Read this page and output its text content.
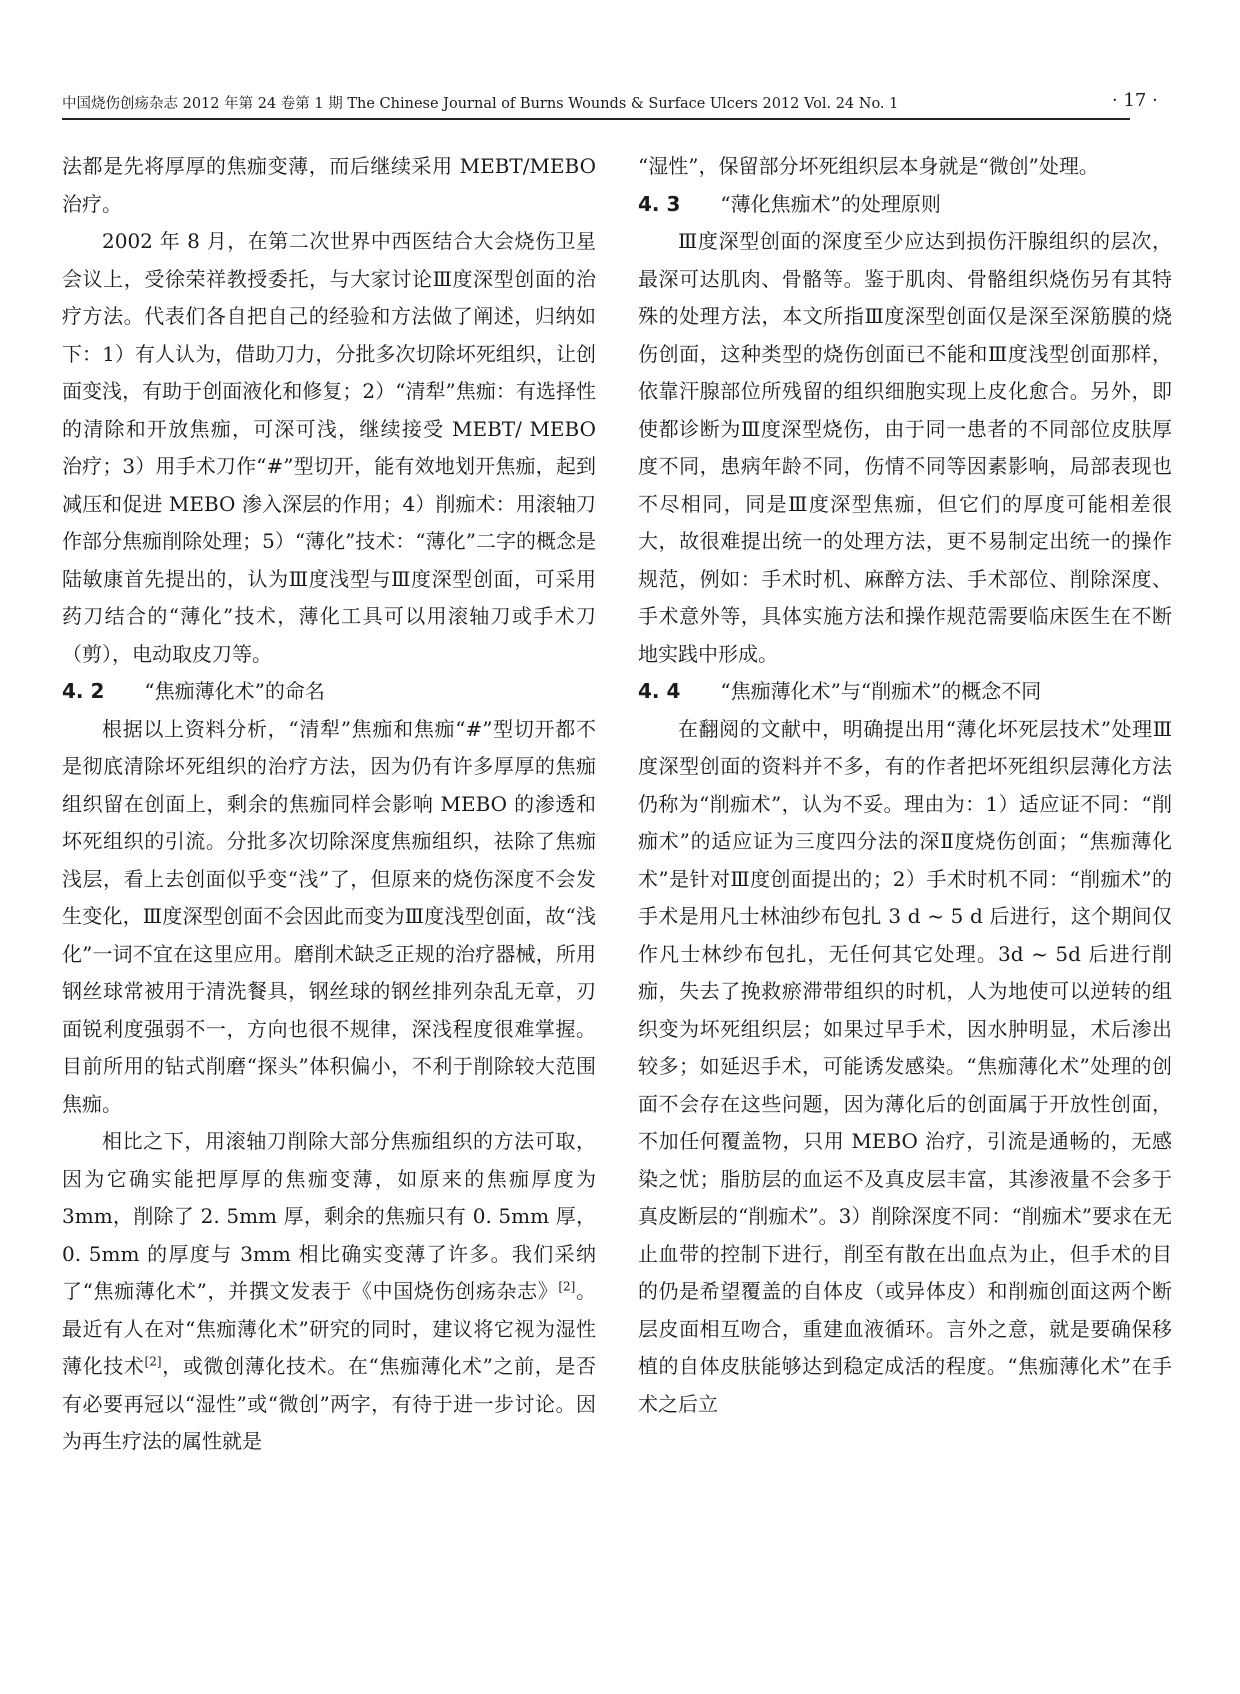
中国烧伤创疡杂志 2012 年第 24 卷第 1 期 The Chinese Journal of Burns Wounds & Surface Ulcers 2012 Vol. 24 No. 1	· 17 ·

法都是先将厚厚的焦痂变薄，而后继续采用 MEBT/MEBO 治疗。

2002 年 8 月，在第二次世界中西医结合大会烧伤卫星会议上，受徐荣祥教授委托，与大家讨论Ⅲ度深型创面的治疗方法。代表们各自把自己的经验和方法做了阐述，归纳如下：1）有人认为，借助刀力，分批多次切除坏死组织，让创面变浅，有助于创面液化和修复；2）“清犁”焦痂：有选择性的清除和开放焦痂，可深可浅，继续接受 MEBT/ MEBO 治疗；3）用手术刀作“#”型切开，能有效地划开焦痂，起到减压和促进 MEBO 渗入深层的作用；4）削痂术：用滚轴刀作部分焦痂削除处理；5）“薄化”技术：“薄化”二字的概念是陆敏康首先提出的，认为Ⅲ度浅型与Ⅲ度深型创面，可采用药刀结合的“薄化”技术，薄化工具可以用滚轴刀或手术刀（剪），电动取皮刀等。

4. 2 “焦痂薄化术”的命名

根据以上资料分析，“清犁”焦痂和焦痂“#”型切开都不是彻底清除坏死组织的治疗方法，因为仍有许多厚厚的焦痂组织留在创面上，剩余的焦痂同样会影响 MEBO 的渗透和坏死组织的引流。分批多次切除深度焦痂组织，祛除了焦痂浅层，看上去创面似乎变“浅”了，但原来的烧伤深度不会发生变化，Ⅲ度深型创面不会因此而变为Ⅲ度浅型创面，故“浅化”一词不宜在这里应用。磨削术缺乏正规的治疗器械，所用钢丝球常被用于清洗餐具，钢丝球的钢丝排列杂乱无章，刃面锐利度强弱不一，方向也很不规律，深浅程度很难掌握。目前所用的钻式削磨“探头”体积偏小，不利于削除较大范围焦痂。

相比之下，用滚轴刀削除大部分焦痂组织的方法可取，因为它确实能把厚厚的焦痂变薄，如原来的焦痂厚度为 3mm，削除了 2. 5mm 厚，剩余的焦痂只有 0. 5mm 厚，0. 5mm 的厚度与 3mm 相比确实变薄了许多。我们采纳了“焦痂薄化术”，并撰文发表于《中国烧伤创疡杂志》[2]。最近有人在对“焦痂薄化术”研究的同时，建议将它视为湿性薄化技术[2]，或微创薄化技术。在“焦痂薄化术”之前，是否有必要再冠以“湿性”或“微创”两字，有待于进一步讨论。因为再生疗法的属性就是

“湿性”，保留部分坏死组织层本身就是“微创”处理。

4. 3 “薄化焦痂术”的处理原则

Ⅲ度深型创面的深度至少应达到损伤汗腺组织的层次，最深可达肌肉、骨骼等。鉴于肌肉、骨骼组织烧伤另有其特殊的处理方法，本文所指Ⅲ度深型创面仅是深至深筋膜的烧伤创面，这种类型的烧伤创面已不能和Ⅲ度浅型创面那样，依靠汗腺部位所残留的组织细胞实现上皮化愈合。另外，即使都诊断为Ⅲ度深型烧伤，由于同一患者的不同部位皮肤厚度不同，患病年龄不同，伤情不同等因素影响，局部表现也不尽相同，同是Ⅲ度深型焦痂，但它们的厚度可能相差很大，故很难提出统一的处理方法，更不易制定出统一的操作规范，例如：手术时机、麻醉方法、手术部位、削除深度、手术意外等，具体实施方法和操作规范需要临床医生在不断地实践中形成。

4. 4 “焦痂薄化术”与“削痂术”的概念不同

在翻阅的文献中，明确提出用“薄化坏死层技术”处理Ⅲ度深型创面的资料并不多，有的作者把坏死组织层薄化方法仍称为“削痂术”，认为不妥。理由为：1）适应证不同：“削痂术”的适应证为三度四分法的深Ⅱ度烧伤创面；“焦痂薄化术”是针对Ⅲ度创面提出的；2）手术时机不同：“削痂术”的手术是用凡士林油纱布包扎 3 d ~ 5 d 后进行，这个期间仅作凡士林纱布包扎，无任何其它处理。3d ~ 5d 后进行削痂，失去了挽救瘀滞带组织的时机，人为地使可以逆转的组织变为坏死组织层；如果过早手术，因水肿明显，术后渗出较多；如延迟手术，可能诱发感染。“焦痂薄化术”处理的创面不会存在这些问题，因为薄化后的创面属于开放性创面，不加任何覆盖物，只用 MEBO 治疗，引流是通畅的，无感染之忧；脂肪层的血运不及真皮层丰富，其渗液量不会多于真皮断层的“削痂术”。3）削除深度不同：“削痂术”要求在无止血带的控制下进行，削至有散在出血点为止，但手术的目的仍是希望覆盖的自体皮（或异体皮）和削痂创面这两个断层皮面相互吻合，重建血液循环。言外之意，就是要确保移植的自体皮肤能够达到稳定成活的程度。“焦痂薄化术”在手术之后立
